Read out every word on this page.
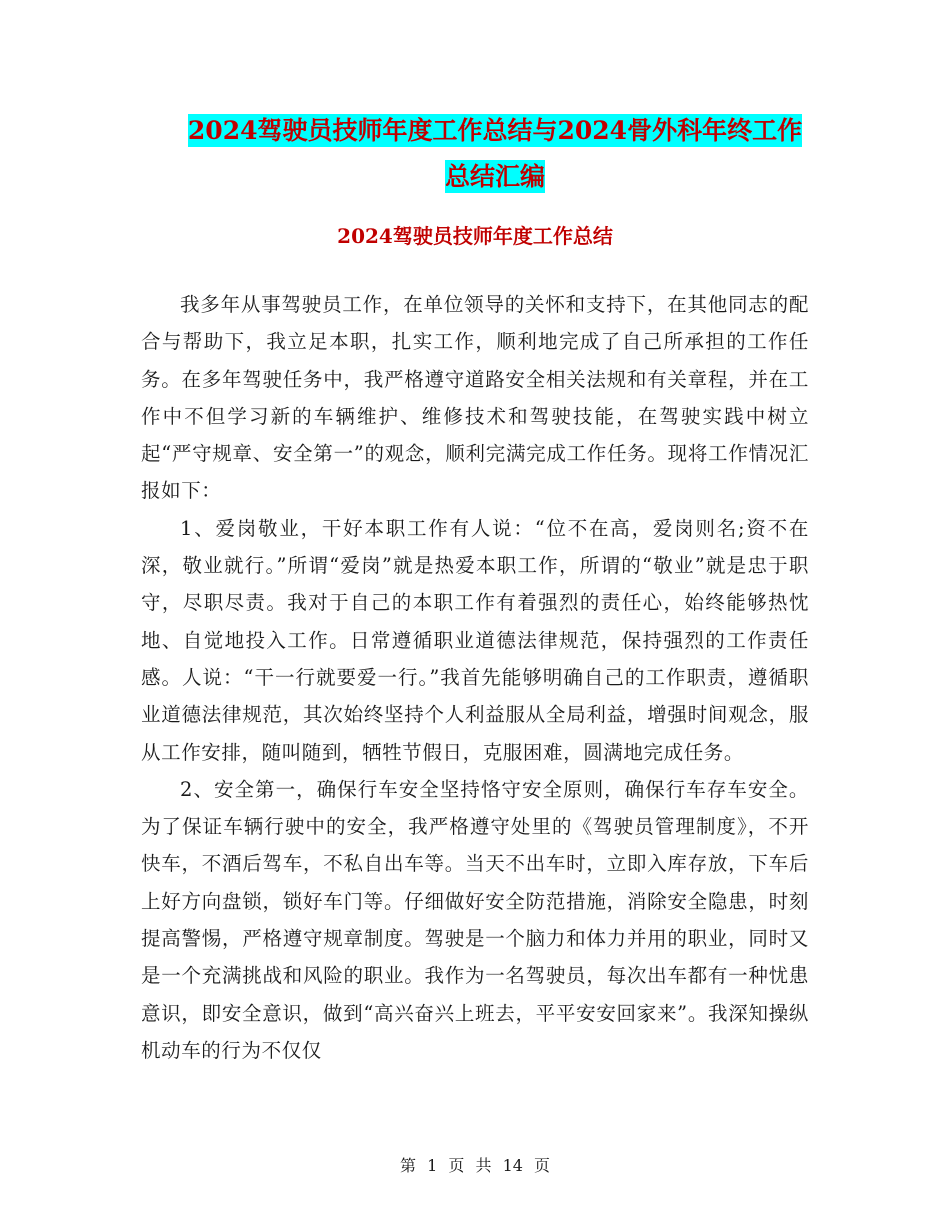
2024驾驶员技师年度工作总结与2024骨外科年终工作
总结汇编
2024驾驶员技师年度工作总结

我多年从事驾驶员工作，在单位领导的关怀和支持下，在其他同志的配合与帮助下，我立足本职，扎实工作，顺利地完成了自己所承担的工作任务。在多年驾驶任务中，我严格遵守道路安全相关法规和有关章程，并在工作中不但学习新的车辆维护、维修技术和驾驶技能，在驾驶实践中树立起“严守规章、安全第一”的观念，顺利完满完成工作任务。现将工作情况汇报如下：

1、爱岗敬业，干好本职工作有人说：“位不在高，爱岗则名;资不在深，敬业就行。”所谓“爱岗”就是热爱本职工作，所谓的“敬业”就是忠于职守，尽职尽责。我对于自己的本职工作有着强烈的责任心，始终能够热忱地、自觉地投入工作。日常遵循职业道德法律规范，保持强烈的工作责任感。人说：“干一行就要爱一行。”我首先能够明确自己的工作职责，遵循职业道德法律规范，其次始终坚持个人利益服从全局利益，增强时间观念，服从工作安排，随叫随到，牺牲节假日，克服困难，圆满地完成任务。

2、安全第一，确保行车安全坚持恪守安全原则，确保行车存车安全。为了保证车辆行驶中的安全，我严格遵守处里的《驾驶员管理制度》，不开快车，不酒后驾车，不私自出车等。当天不出车时，立即入库存放，下车后上好方向盘锁，锁好车门等。仔细做好安全防范措施，消除安全隐患，时刻提高警惕，严格遵守规章制度。驾驶是一个脑力和体力并用的职业，同时又是一个充满挑战和风险的职业。我作为一名驾驶员，每次出车都有一种忧患意识，即安全意识，做到“高兴奋兴上班去，平平安安回家来”。我深知操纵机动车的行为不仅仅

第 1 页 共 14 页
